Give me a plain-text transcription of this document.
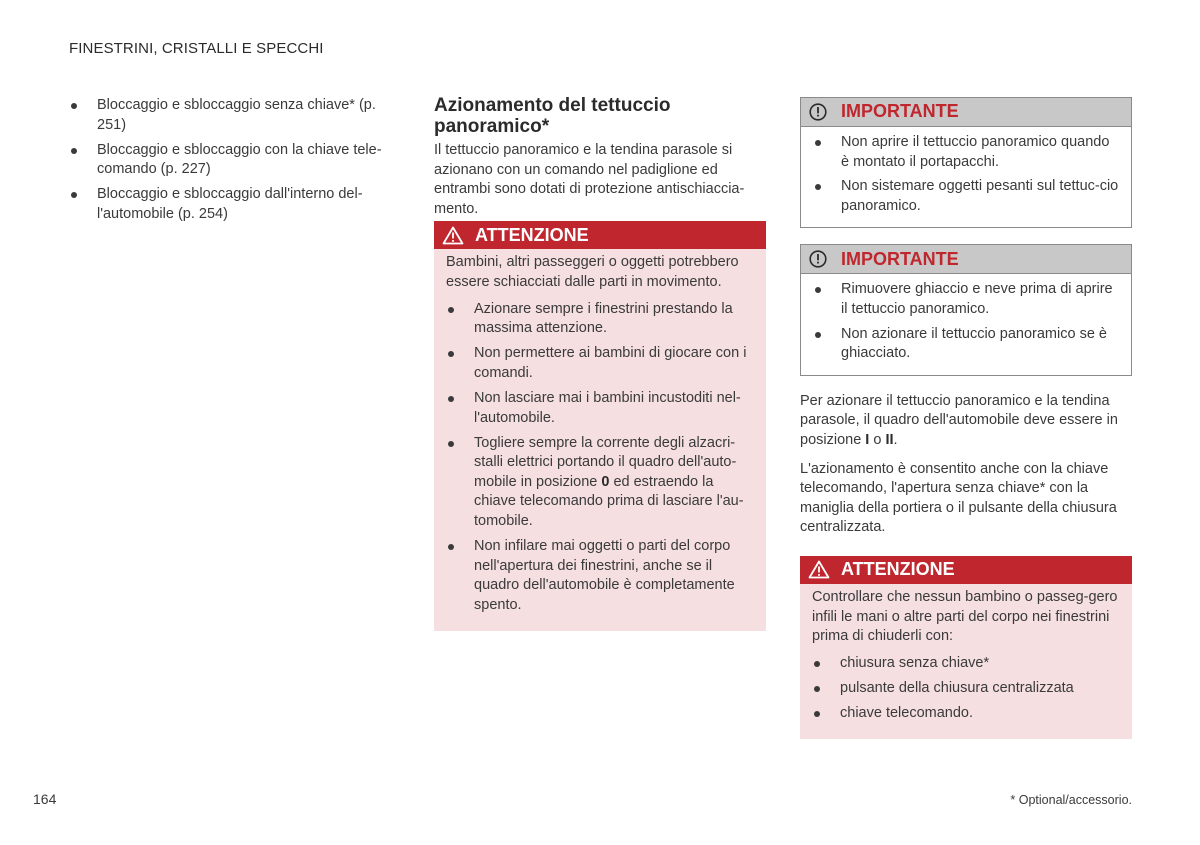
FINESTRINI, CRISTALLI E SPECCHI
Bloccaggio e sbloccaggio senza chiave* (p. 251)
Bloccaggio e sbloccaggio con la chiave tele-comando (p. 227)
Bloccaggio e sbloccaggio dall'interno del-l'automobile (p. 254)
Azionamento del tettuccio panoramico*

Il tettuccio panoramico e la tendina parasole si azionano con un comando nel padiglione ed entrambi sono dotati di protezione antischiaccia-mento.

ATTENZIONE

Bambini, altri passeggeri o oggetti potrebbero essere schiacciati dalle parti in movimento.

Azionare sempre i finestrini prestando la massima attenzione.
Non permettere ai bambini di giocare con i comandi.
Non lasciare mai i bambini incustoditi nel-l'automobile.
Togliere sempre la corrente degli alzacri-stalli elettrici portando il quadro dell'auto-mobile in posizione 0 ed estraendo la chiave telecomando prima di lasciare l'au-tomobile.
Non infilare mai oggetti o parti del corpo nell'apertura dei finestrini, anche se il quadro dell'automobile è completamente spento.
IMPORTANTE
Non aprire il tettuccio panoramico quando è montato il portapacchi.
Non sistemare oggetti pesanti sul tettuc-cio panoramico.
IMPORTANTE
Rimuovere ghiaccio e neve prima di aprire il tettuccio panoramico.
Non azionare il tettuccio panoramico se è ghiacciato.

Per azionare il tettuccio panoramico e la tendina parasole, il quadro dell'automobile deve essere in posizione I o II.

L'azionamento è consentito anche con la chiave telecomando, l'apertura senza chiave* con la maniglia della portiera o il pulsante della chiusura centralizzata.

ATTENZIONE

Controllare che nessun bambino o passeg-gero infili le mani o altre parti del corpo nei finestrini prima di chiuderli con:

chiusura senza chiave*
pulsante della chiusura centralizzata
chiave telecomando.
164	* Optional/accessorio.
